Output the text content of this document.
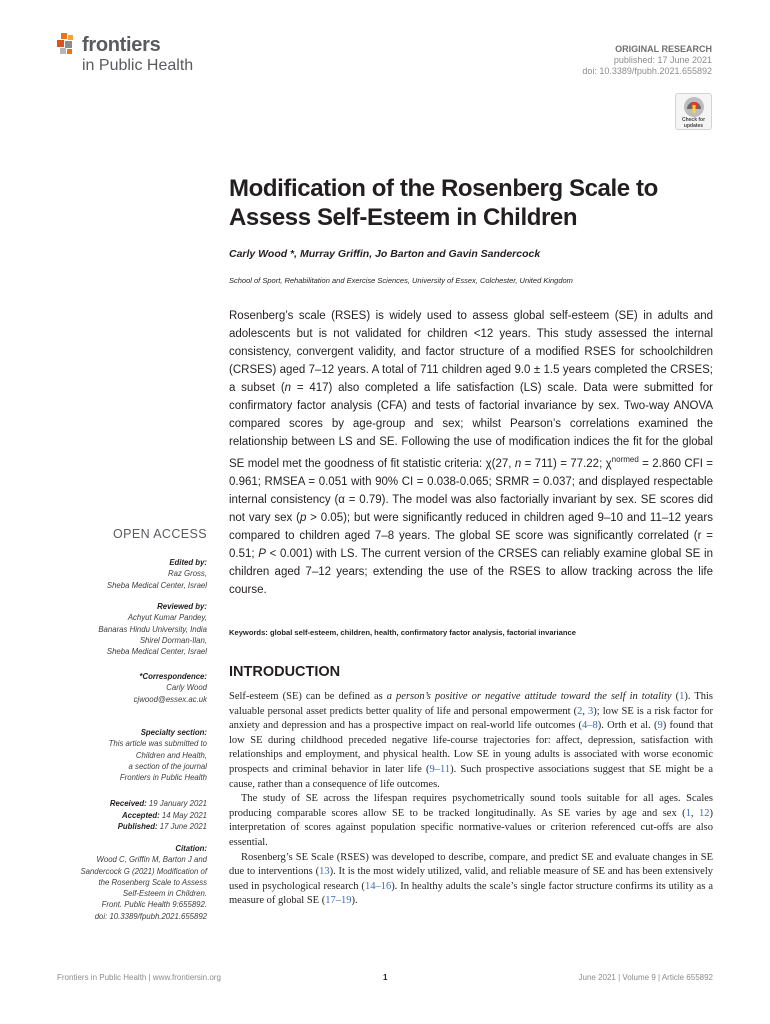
frontiers
in Public Health
ORIGINAL RESEARCH
published: 17 June 2021
doi: 10.3389/fpubh.2021.655892
Check for
updates
Modification of the Rosenberg Scale to Assess Self-Esteem in Children
Carly Wood *, Murray Griffin, Jo Barton and Gavin Sandercock
School of Sport, Rehabilitation and Exercise Sciences, University of Essex, Colchester, United Kingdom
Rosenberg’s scale (RSES) is widely used to assess global self-esteem (SE) in adults and adolescents but is not validated for children <12 years. This study assessed the internal consistency, convergent validity, and factor structure of a modified RSES for schoolchildren (CRSES) aged 7–12 years. A total of 711 children aged 9.0 ± 1.5 years completed the CRSES; a subset (n = 417) also completed a life satisfaction (LS) scale. Data were submitted for confirmatory factor analysis (CFA) and tests of factorial invariance by sex. Two-way ANOVA compared scores by age-group and sex; whilst Pearson’s correlations examined the relationship between LS and SE. Following the use of modification indices the fit for the global SE model met the goodness of fit statistic criteria: χ(27, n = 711) = 77.22; $\chi^{normed} = 2.860$ CFI = 0.961; RMSEA = 0.051 with 90% CI = 0.038-0.065; SRMR = 0.037; and displayed respectable internal consistency (α = 0.79). The model was also factorially invariant by sex. SE scores did not vary sex (p > 0.05); but were significantly reduced in children aged 9–10 and 11–12 years compared to children aged 7–8 years. The global SE score was significantly correlated (r = 0.51; P < 0.001) with LS. The current version of the CRSES can reliably examine global SE in children aged 7–12 years; extending the use of the RSES to allow tracking across the life course.
Keywords: global self-esteem, children, health, confirmatory factor analysis, factorial invariance
INTRODUCTION

Self-esteem (SE) can be defined as a person’s positive or negative attitude toward the self in totality (1). This valuable personal asset predicts better quality of life and personal empowerment (2, 3); low SE is a risk factor for anxiety and depression and has a prospective impact on real-world life outcomes (4–8). Orth et al. (9) found that low SE during childhood preceded negative life-course trajectories for: affect, depression, satisfaction with relationships and employment, and physical health. Low SE in young adults is associated with worse economic prospects and criminal behavior in later life (9–11). Such prospective associations suggest that SE might be a cause, rather than a consequence of life outcomes.

The study of SE across the lifespan requires psychometrically sound tools suitable for all ages. Scales producing comparable scores allow SE to be tracked longitudinally. As SE varies by age and sex (1, 12) interpretation of scores against population specific normative-values or criterion referenced cut-offs are also essential.

Rosenberg’s SE Scale (RSES) was developed to describe, compare, and predict SE and evaluate changes in SE due to interventions (13). It is the most widely utilized, valid, and reliable measure of SE and has been extensively used in psychological research (14–16). In healthy adults the scale’s single factor structure confirms its utility as a measure of global SE (17–19).

OPEN ACCESS
Edited by:
Raz Gross,
Sheba Medical Center, Israel
Reviewed by:
Achyut Kumar Pandey,
Banaras Hindu University, India
Shirel Dorman-Ilan,
Sheba Medical Center, Israel
*Correspondence:
Carly Wood
cjwood@essex.ac.uk
Specialty section:
This article was submitted to
Children and Health,
a section of the journal
Frontiers in Public Health
Received: 19 January 2021
Accepted: 14 May 2021
Published: 17 June 2021
Citation:
Wood C, Griffin M, Barton J and
Sandercock G (2021) Modification of
the Rosenberg Scale to Assess
Self-Esteem in Children.
Front. Public Health 9:655892.
doi: 10.3389/fpubh.2021.655892
Frontiers in Public Health | www.frontiersin.org	1	June 2021 | Volume 9 | Article 655892
